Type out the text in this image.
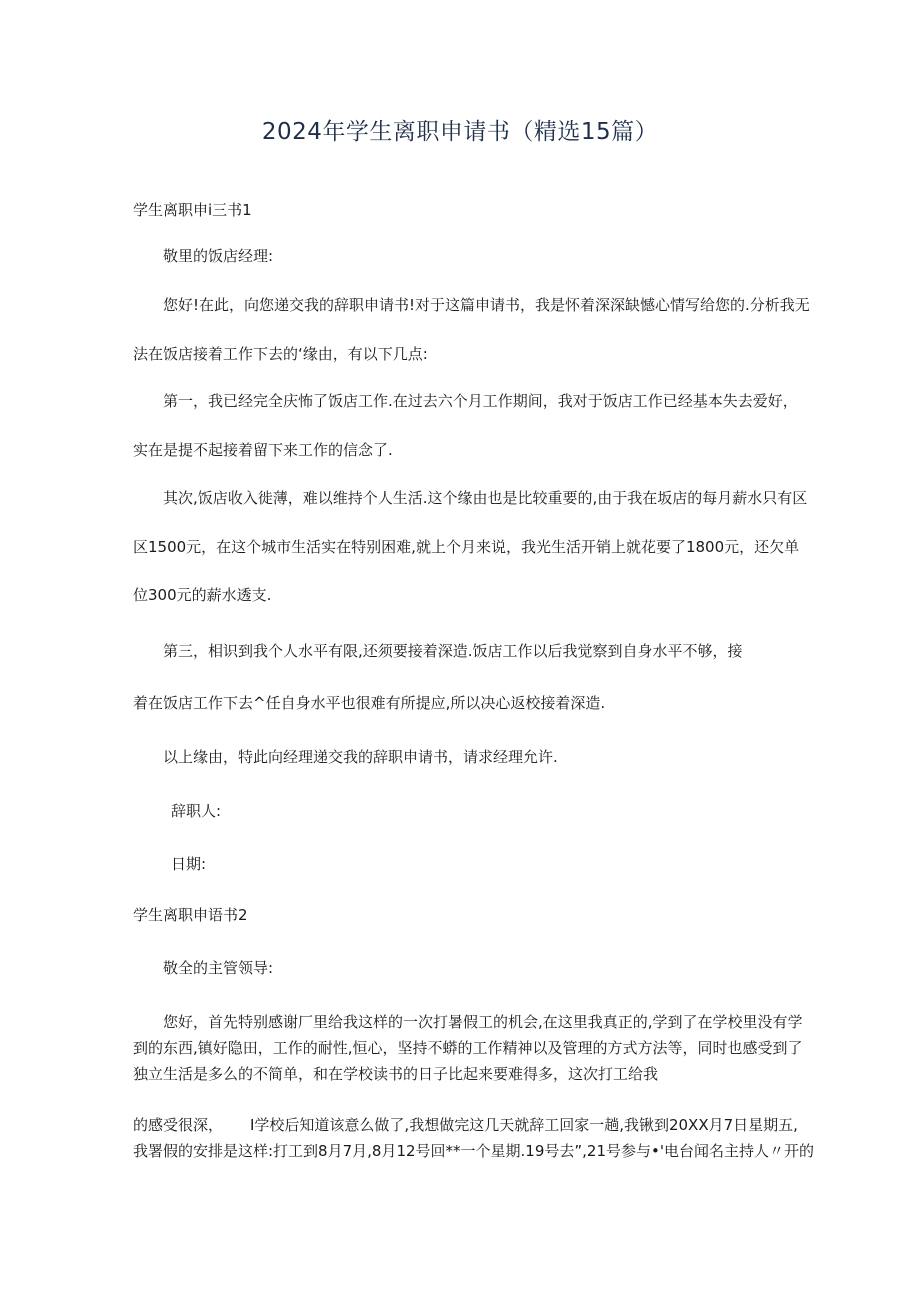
2024年学生离职申请书（精选15篇）
学生离职申i三书1
敬里的饭店经理:
您好!在此，向您递交我的辞职申请书!对于这篇申请书，我是怀着深深缺憾心情写给您的.分析我无
法在饭店接着工作下去的‘缘由，有以下几点:
第一，我已经完全庆怖了饭店工作.在过去六个月工作期间，我对于饭店工作已经基本失去爱好，
实在是提不起接着留下来工作的信念了.
其次,饭店收入徙薄，难以维持个人生活.这个缘由也是比较重要的,由于我在坂店的每月薪水只有区
区1500元，在这个城市生活实在特别困难,就上个月来说，我光生活开销上就花要了1800元，还欠单
位300元的薪水透支.
第三，相识到我个人水平有限,还须要接着深造.饭店工作以后我觉察到自身水平不够，接
着在饭店工作下去^任自身水平也很难有所提应,所以决心返校接着深造.
以上缘由，特此向经理递交我的辞职申请书，请求经理允许.
辞职人:
日期:
学生离职申语书2
敬全的主管领导:
您好，首先特别感谢厂里给我这样的一次打暑假工的机会,在这里我真正的,学到了在学校里没有学
到的东西,镇好隐田，工作的耐性,恒心，坚持不蟒的工作精神以及管理的方式方法等，同时也感受到了
独立生活是多么的不简单，和在学校读书的日子比起来要难得多，这次打工给我
的感受很深， I学校后知道该意么做了,我想做完这几天就辞工回家一趟,我锹到20XX月7日星期五,
我署假的安排是这样:打工到8月7月,8月12号回**一个星期.19号去”,21号参与•'电台闻名主持人〃开的
